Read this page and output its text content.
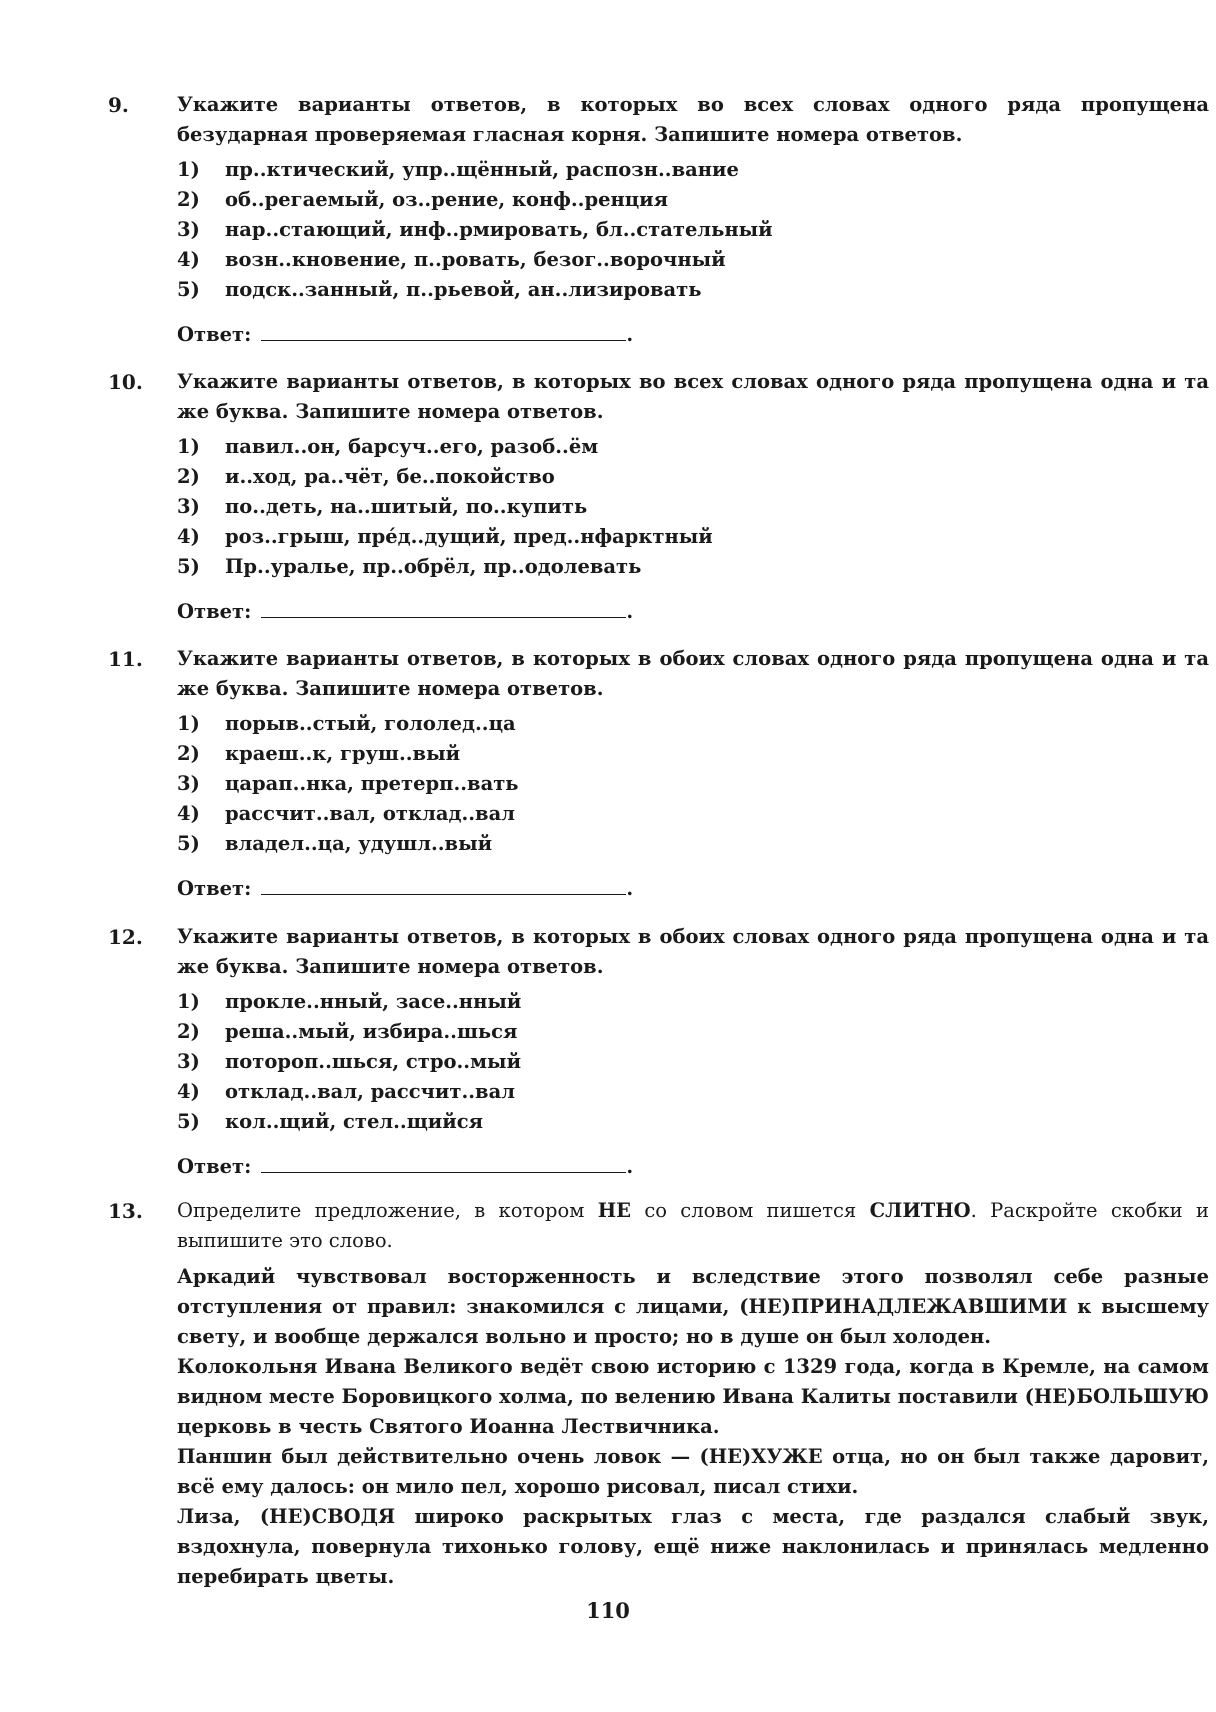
9. Укажите варианты ответов, в которых во всех словах одного ряда пропущена безударная проверяемая гласная корня. Запишите номера ответов.

1) пр..ктический, упр..щённый, распозн..вание
2) об..регаемый, оз..рение, конф..ренция
3) нар..стающий, инф..рмировать, бл..стательный
4) возн..кновение, п..ровать, безог..ворочный
5) подск..занный, п..рьевой, ан..лизировать
Ответ:	.
10. Укажите варианты ответов, в которых во всех словах одного ряда пропущена одна и та же буква. Запишите номера ответов.

1) павил..он, барсуч..его, разоб..ём
2) и..ход, ра..чёт, бе..покойство
3) по..деть, на..шитый, по..купить
4) роз..грыш, пре́д..дущий, пред..нфарктный
5) Пр..уралье, пр..обрёл, пр..одолевать
Ответ:	.
11. Укажите варианты ответов, в которых в обоих словах одного ряда пропущена одна и та же буква. Запишите номера ответов.

1) порыв..стый, гололед..ца
2) краеш..к, груш..вый
3) царап..нка, претерп..вать
4) рассчит..вал, отклад..вал
5) владел..ца, удушл..вый
Ответ:	.
12. Укажите варианты ответов, в которых в обоих словах одного ряда пропущена одна и та же буква. Запишите номера ответов.

1) прокле..нный, засе..нный
2) реша..мый, избира..шься
3) потороп..шься, стро..мый
4) отклад..вал, рассчит..вал
5) кол..щий, стел..щийся
Ответ:	.
13. Определите предложение, в котором НЕ со словом пишется СЛИТНО. Раскройте скобки и выпишите это слово.

Аркадий чувствовал восторженность и вследствие этого позволял себе разные отступления от правил: знакомился с лицами, (НЕ)ПРИНАДЛЕЖАВШИМИ к высшему свету, и вообще держался вольно и просто; но в душе он был холоден.

Колокольня Ивана Великого ведёт свою историю с 1329 года, когда в Кремле, на самом видном месте Боровицкого холма, по велению Ивана Калиты поставили (НЕ)БОЛЬШУЮ церковь в честь Святого Иоанна Лествичника.

Паншин был действительно очень ловок — (НЕ)ХУЖЕ отца, но он был также даровит, всё ему далось: он мило пел, хорошо рисовал, писал стихи.

Лиза, (НЕ)СВОДЯ широко раскрытых глаз с места, где раздался слабый звук, вздохнула, повернула тихонько голову, ещё ниже наклонилась и принялась медленно перебирать цветы.

110
